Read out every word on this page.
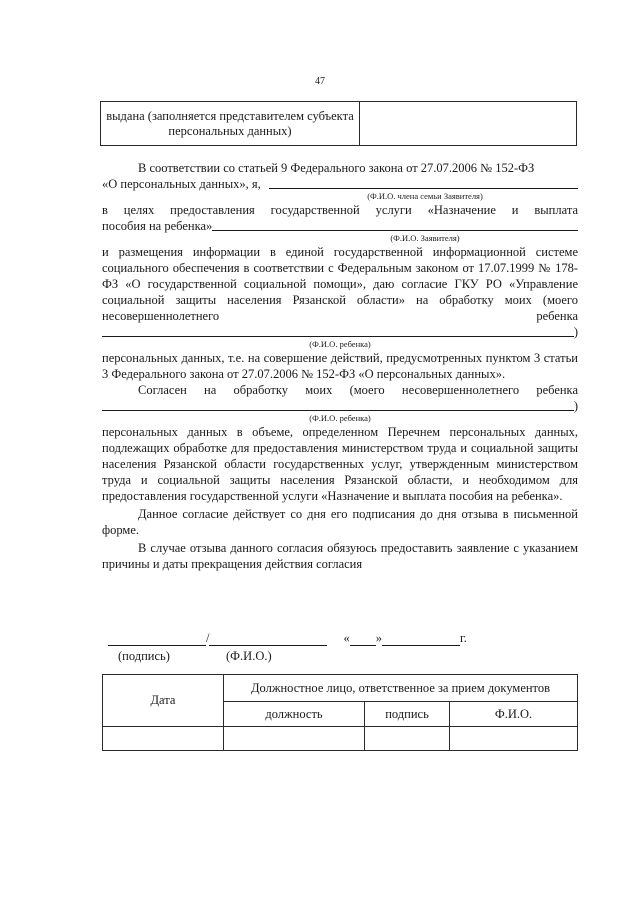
47
выдана (заполняется представителем субъекта персональных данных)	
В соответствии со статьей 9 Федерального закона от 27.07.2006 № 152-ФЗ
«О персональных данных», я,
(Ф.И.О. члена семьи Заявителя)
в целях предоставления государственной услуги «Назначение и выплата
пособия на ребенка»
(Ф.И.О. Заявителя)
и размещения информации в единой государственной информационной системе социального обеспечения в соответствии с Федеральным законом от 17.07.1999 № 178-ФЗ «О государственной социальной помощи», даю согласие ГКУ РО «Управление социальной защиты населения Рязанской области» на обработку моих (моего несовершеннолетнего ребенка
)
(Ф.И.О. ребенка)
персональных данных, т.е. на совершение действий, предусмотренных пунктом 3 статьи 3 Федерального закона от 27.07.2006 № 152-ФЗ «О персональных данных».
Согласен на обработку моих (моего несовершеннолетнего ребенка
)
(Ф.И.О. ребенка)
персональных данных в объеме, определенном Перечнем персональных данных, подлежащих обработке для предоставления министерством труда и социальной защиты населения Рязанской области государственных услуг, утвержденным министерством труда и социальной защиты населения Рязанской области, и необходимом для предоставления государственной услуги «Назначение и выплата пособия на ребенка».
Данное согласие действует со дня его подписания до дня отзыва в письменной форме.
В случае отзыва данного согласия обязуюсь предоставить заявление с указанием причины и даты прекращения действия согласия
/	« »	г.
(подпись)	(Ф.И.О.)
Дата	Должностное лицо, ответственное за прием документов		
	должность	подпись	Ф.И.О.
